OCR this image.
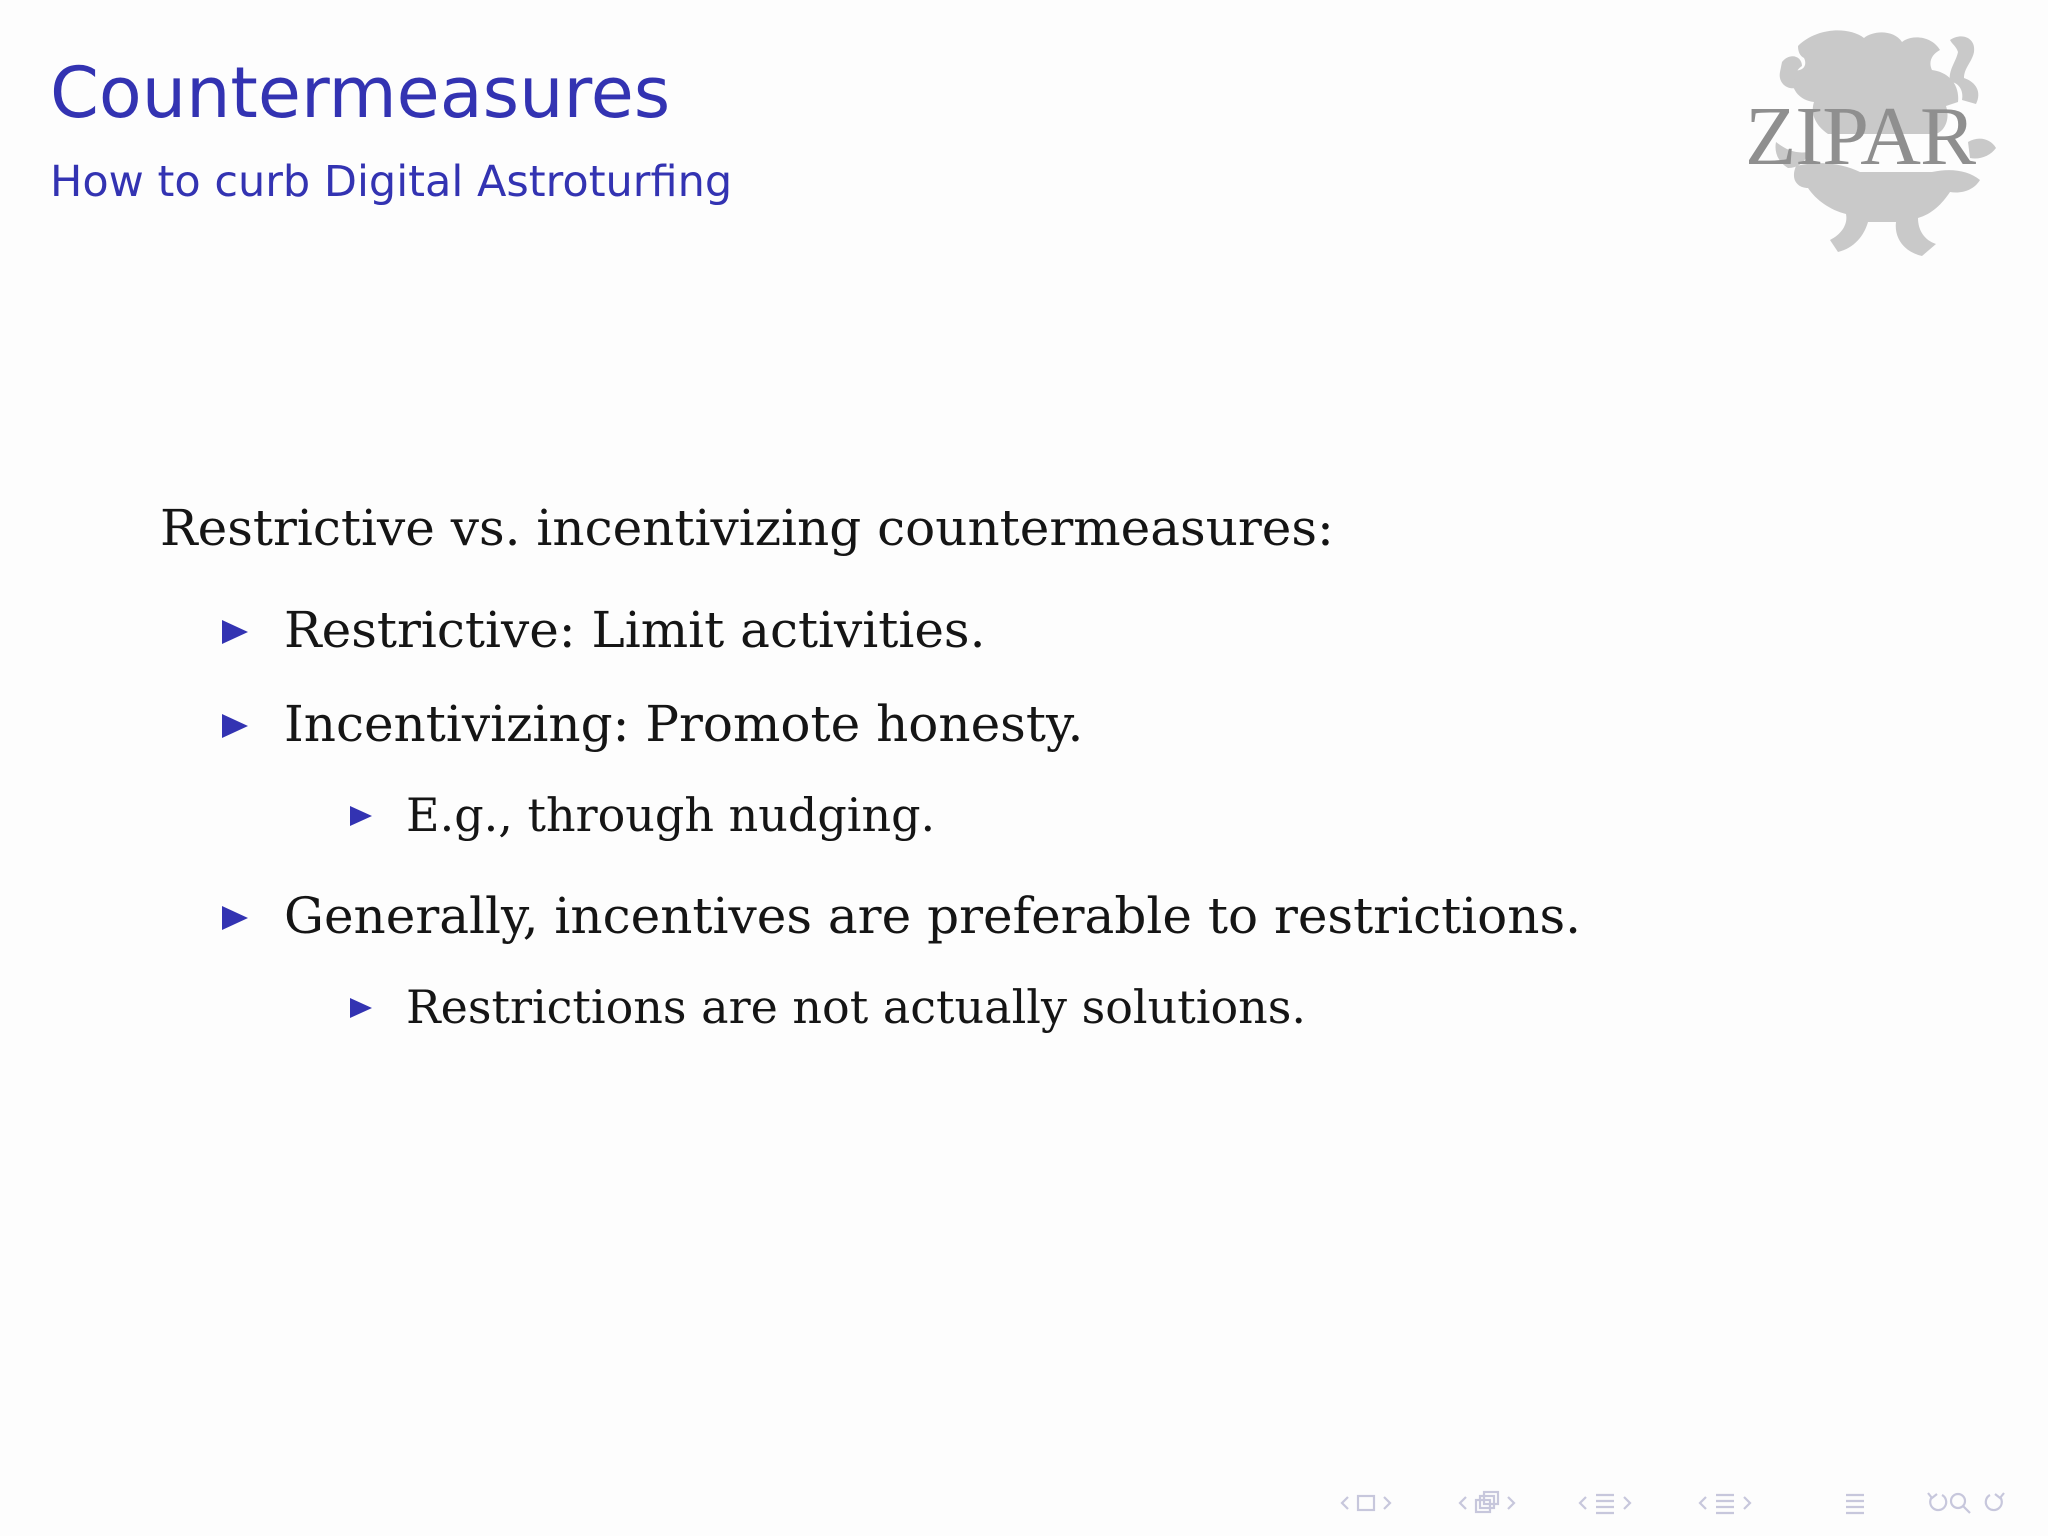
Countermeasures
How to curb Digital Astroturfing	ZIPAR

Restrictive vs. incentivizing countermeasures:

Restrictive: Limit activities.
Incentivizing: Promote honesty.
E.g., through nudging.
Generally, incentives are preferable to restrictions.
Restrictions are not actually solutions.
